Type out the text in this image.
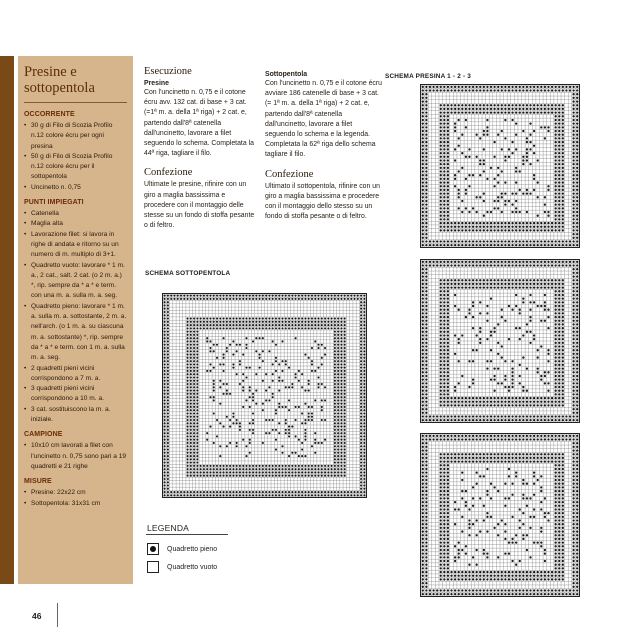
Presine e sottopentola
OCCORRENTE
• 30 g di Filo di Scozia Profilo n.12 colore écru per ogni presina
• 50 g di Filo di Scozia Profilo n.12 colore écru per il sottopentola
• Uncinetto n. 0,75
PUNTI IMPIEGATI
• Catenella
• Maglia alta
• Lavorazione filet: si lavora in righe di andata e ritorno su un numero di m. multiplo di 3+1.
• Quadretto vuoto: lavorare * 1 m. a., 2 cat., salt. 2 cat. (o 2 m. a.) *, rip. sempre da * a * e term. con una m. a. sulla m. a. seg.
• Quadretto pieno: lavorare * 1 m. a. sulla m. a. sottostante, 2 m. a. nell'arch. (o 1 m. a. su ciascuna m. a. sottostante) *, rip. sempre da * a * e term. con 1 m. a. sulla m. a. seg.
• 2 quadretti pieni vicini corrispondono a 7 m. a.
• 3 quadretti pieni vicini corrispondono a 10 m. a.
• 3 cat. sostituiscono la m. a. iniziale.
CAMPIONE
• 10x10 cm lavorati a filet con l'uncinetto n. 0,75 sono pari a 19 quadretti e 21 righe
MISURE
• Presine: 22x22 cm
• Sottopentola: 31x31 cm
Esecuzione
Presine

Con l'uncinetto n. 0,75 e il cotone écru avv. 132 cat. di base + 3 cat. (=1ª m. a. della 1ª riga) + 2 cat. e, partendo dall'8ª catenella dall'uncinetto, lavorare a filet seguendo lo schema. Completata la 44ª riga, tagliare il filo.

Confezione

Ultimate le presine, rifinire con un giro a maglia bassissima e procedere con il montaggio delle stesse su un fondo di stoffa pesante o di feltro.

Sottopentola

Con l'uncinetto n. 0,75 e il cotone écru avviare 186 catenelle di base + 3 cat. (= 1ª m. a. della 1ª riga) + 2 cat. e, partendo dall'8ª catenella dall'uncinetto, lavorare a filet seguendo lo schema e la legenda. Completata la 62ª riga dello schema tagliare il filo.

Confezione

Ultimato il sottopentola, rifinire con un giro a maglia bassissima e procedere con il montaggio dello stesso su un fondo di stoffa pesante o di feltro.

SCHEMA SOTTOPENTOLA
SCHEMA PRESINA 1 - 2 - 3
LEGENDA
Quadretto pieno
Quadretto vuoto
46
